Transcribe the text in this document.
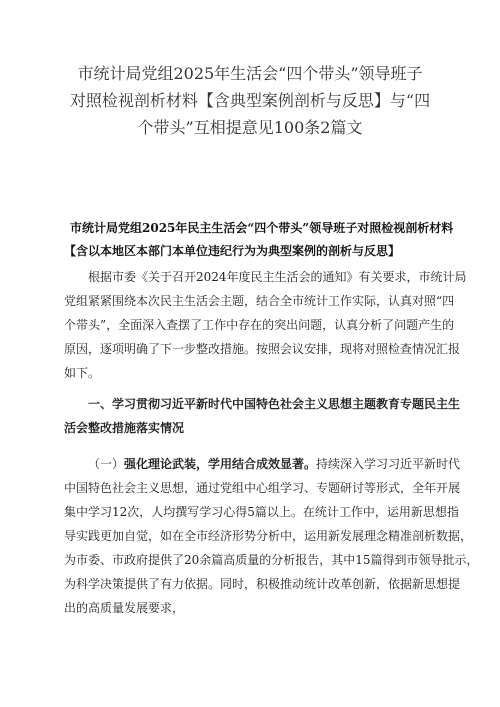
市统计局党组2025年生活会“四个带头”领导班子
对照检视剖析材料【含典型案例剖析与反思】与“四
个带头”互相提意见100条2篇文
市统计局党组2025年民主生活会“四个带头”领导班子对照检视剖析材料
【含以本地区本部门本单位违纪行为为典型案例的剖析与反思】
根据市委《关于召开2024年度民主生活会的通知》有关要求，市统计局
党组紧紧围绕本次民主生活会主题，结合全市统计工作实际，认真对照“四
个带头”，全面深入查摆了工作中存在的突出问题，认真分析了问题产生的
原因，逐项明确了下一步整改措施。按照会议安排，现将对照检查情况汇报
如下。
一、学习贯彻习近平新时代中国特色社会主义思想主题教育专题民主生
活会整改措施落实情况
（一）强化理论武装，学用结合成效显著。持续深入学习习近平新时代
中国特色社会主义思想，通过党组中心组学习、专题研讨等形式，全年开展
集中学习12次，人均撰写学习心得5篇以上。在统计工作中，运用新思想指
导实践更加自觉，如在全市经济形势分析中，运用新发展理念精准剖析数据，
为市委、市政府提供了20余篇高质量的分析报告，其中15篇得到市领导批示，
为科学决策提供了有力依据。同时，积极推动统计改革创新，依据新思想提
出的高质量发展要求，
